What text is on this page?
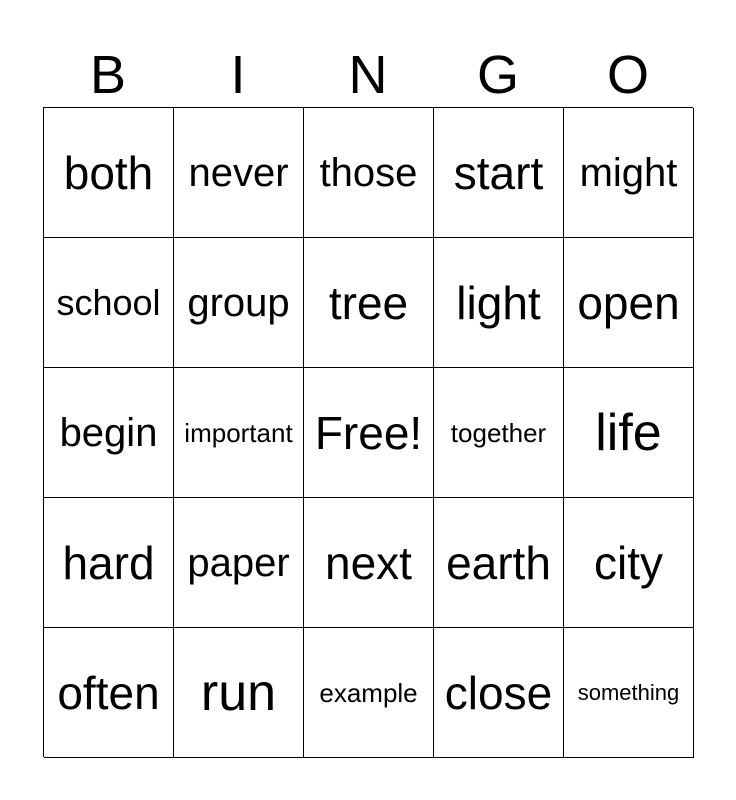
B	I	N	G	O
both never those start might
school group tree	light open
begin	important Free!	together life
hard paper next earth city
often run	example close	something
